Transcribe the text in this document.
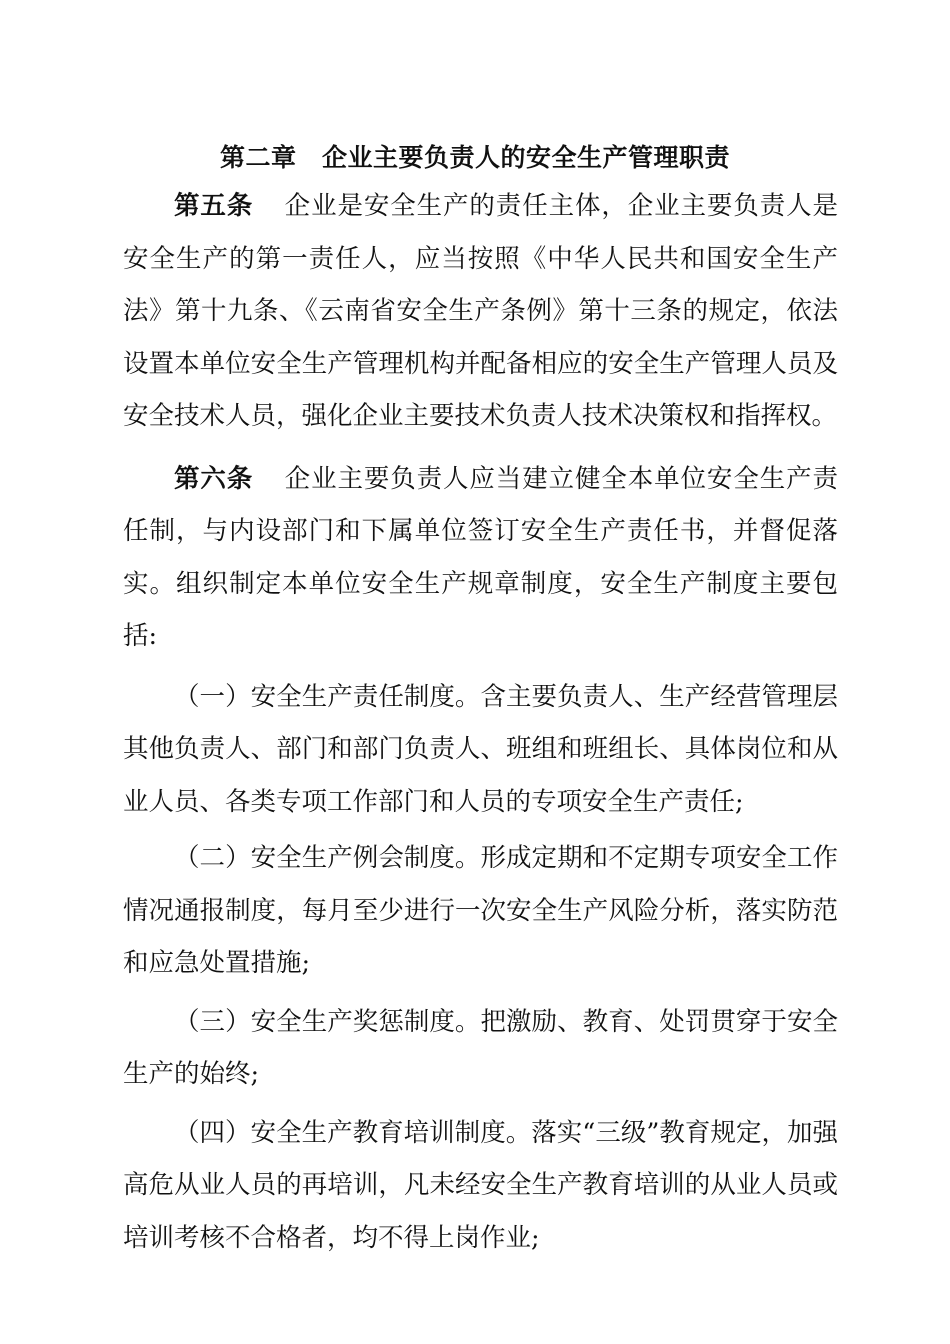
第二章　企业主要负责人的安全生产管理职责

第五条 企业是安全生产的责任主体，企业主要负责人是安全生产的第一责任人，应当按照《中华人民共和国安全生产法》第十九条、《云南省安全生产条例》第十三条的规定，依法设置本单位安全生产管理机构并配备相应的安全生产管理人员及安全技术人员，强化企业主要技术负责人技术决策权和指挥权。

第六条 企业主要负责人应当建立健全本单位安全生产责任制，与内设部门和下属单位签订安全生产责任书，并督促落实。组织制定本单位安全生产规章制度，安全生产制度主要包括:

（一）安全生产责任制度。含主要负责人、生产经营管理层其他负责人、部门和部门负责人、班组和班组长、具体岗位和从业人员、各类专项工作部门和人员的专项安全生产责任;

（二）安全生产例会制度。形成定期和不定期专项安全工作情况通报制度，每月至少进行一次安全生产风险分析，落实防范和应急处置措施;

（三）安全生产奖惩制度。把激励、教育、处罚贯穿于安全生产的始终;

（四）安全生产教育培训制度。落实“三级”教育规定，加强高危从业人员的再培训，凡未经安全生产教育培训的从业人员或培训考核不合格者，均不得上岗作业;
